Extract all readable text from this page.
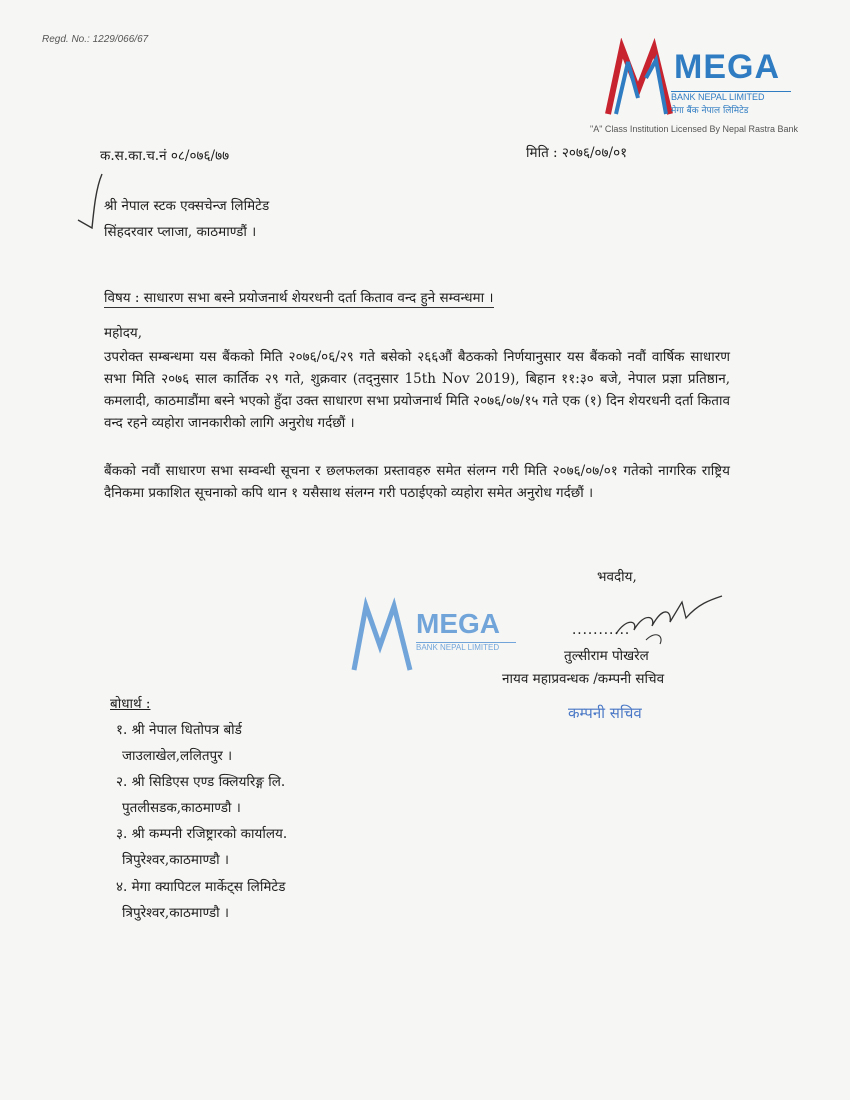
Regd. No.: 1229/066/67
MEGA
BANK NEPAL LIMITED
मेगा बैंक नेपाल लिमिटेड
"A" Class Institution Licensed By Nepal Rastra Bank
क.स.का.च.नं ०८/०७६/७७	मिति : २०७६/०७/०१
श्री नेपाल स्टक एक्सचेन्ज लिमिटेड
सिंहदरवार प्लाजा, काठमाण्डौं ।
विषय : साधारण सभा बस्ने प्रयोजनार्थ शेयरधनी दर्ता किताव वन्द हुने सम्वन्धमा ।
महोदय,
उपरोक्त सम्बन्धमा यस बैंकको मिति २०७६/०६/२९ गते बसेको २६६औं बैठकको निर्णयानुसार यस बैंकको नवौं वार्षिक साधारण सभा मिति २०७६ साल कार्तिक २९ गते, शुक्रवार (तद्‌नुसार 15th Nov 2019), बिहान ११:३० बजे, नेपाल प्रज्ञा प्रतिष्ठान, कमलादी, काठमाडौंमा बस्ने भएको हुँदा उक्त साधारण सभा प्रयोजनार्थ मिति २०७६/०७/१५ गते एक (१) दिन शेयरधनी दर्ता किताव वन्द रहने व्यहोरा जानकारीको लागि अनुरोध गर्दछौं ।
बैंकको नवौं साधारण सभा सम्वन्धी सूचना र छलफलका प्रस्तावहरु समेत संलग्न गरी मिति २०७६/०७/०१ गतेको नागरिक राष्ट्रिय दैनिकमा प्रकाशित सूचनाको कपि थान १ यसैसाथ संलग्न गरी पठाईएको व्यहोरा समेत अनुरोध गर्दछौं ।
भवदीय,
MEGA
BANK NEPAL LIMITED
...........
तुल्सीराम पोखरेल
नायव महाप्रवन्धक /कम्पनी सचिव
कम्पनी सचिव
बोधार्थ :
१. श्री नेपाल धितोपत्र बोर्ड
जाउलाखेल,ललितपुर ।
२. श्री सिडिएस एण्ड क्लियरिङ्ग लि.
पुतलीसडक,काठमाण्डौ ।
३. श्री कम्पनी रजिष्ट्रारको कार्यालय.
त्रिपुरेश्वर,काठमाण्डौ ।
४. मेगा क्यापिटल मार्केट्स लिमिटेड
त्रिपुरेश्वर,काठमाण्डौ ।
